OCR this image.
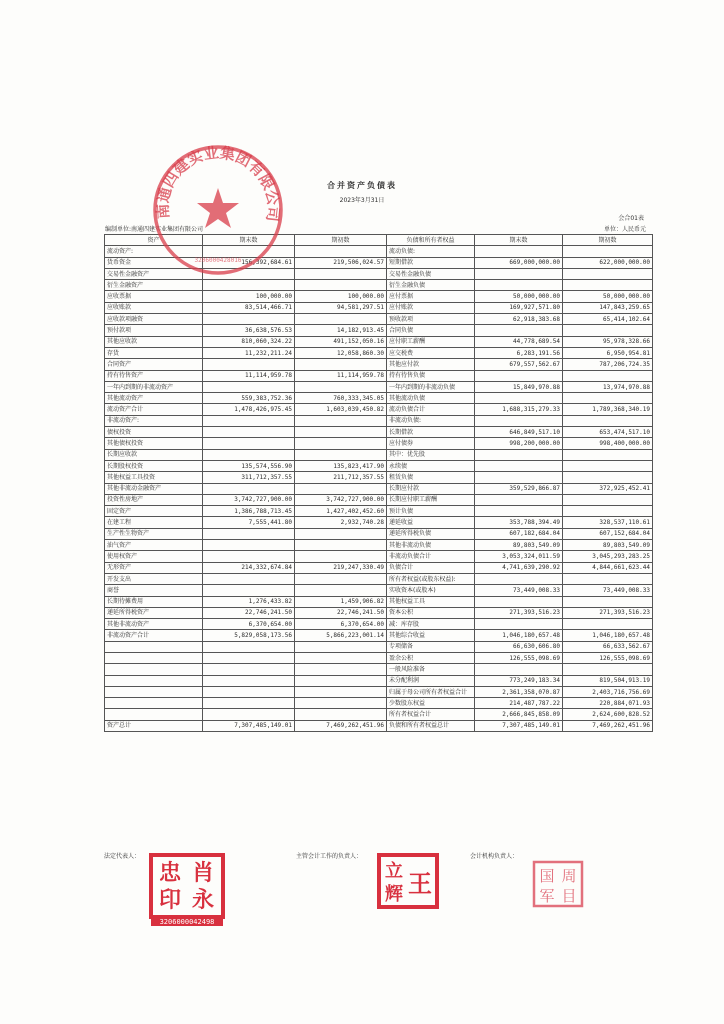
合并资产负债表
2023年3月31日
会合01表
编制单位:南通四建实业集团有限公司	单位：人民币元
资产	期末数	期初数	负债和所有者权益	期末数	期初数
流动资产:			流动负债:		
货币资金	156,392,684.61	219,506,024.57	短期借款	669,000,000.00	622,000,000.00
交易性金融资产			交易性金融负债		
衍生金融资产			衍生金融负债		
应收票据	100,000.00	100,000.00	应付票据	50,000,000.00	50,000,000.00
应收账款	83,514,466.71	94,581,297.51	应付账款	169,927,571.80	147,843,259.65
应收款项融资			预收款项	62,918,383.68	65,414,102.64
预付款项	36,638,576.53	14,182,913.45	合同负债		
其他应收款	810,060,324.22	491,152,050.16	应付职工薪酬	44,778,689.54	95,978,328.66
存货	11,232,211.24	12,058,860.30	应交税费	6,283,191.56	6,950,954.81
合同资产			其他应付款	679,557,562.67	787,206,724.35
持有待售资产	11,114,959.78	11,114,959.78	持有待售负债		
一年内到期的非流动资产			一年内到期的非流动负债	15,849,970.88	13,974,970.88
其他流动资产	559,383,752.36	760,333,345.05	其他流动负债		
流动资产合计	1,478,426,975.45	1,603,039,450.82	流动负债合计	1,688,315,279.33	1,789,368,340.19
非流动资产:			非流动负债:		
债权投资			长期借款	646,849,517.10	653,474,517.10
其他债权投资			应付债券	998,200,000.00	998,400,000.00
长期应收款			其中：优先股		
长期股权投资	135,574,556.90	135,823,417.90	永续债		
其他权益工具投资	311,712,357.55	211,712,357.55	租赁负债		
其他非流动金融资产			长期应付款	359,529,866.87	372,925,452.41
投资性房地产	3,742,727,900.00	3,742,727,900.00	长期应付职工薪酬		
固定资产	1,386,788,713.45	1,427,402,452.60	预计负债		
在建工程	7,555,441.80	2,932,740.28	递延收益	353,788,394.49	328,537,110.61
生产性生物资产			递延所得税负债	607,182,684.04	607,152,684.04
油气资产			其他非流动负债	89,803,549.09	89,803,549.09
使用权资产			非流动负债合计	3,053,324,011.59	3,045,293,283.25
无形资产	214,332,674.84	219,247,330.49	负债合计	4,741,639,290.92	4,844,661,623.44
开发支出			所有者权益(或股东权益):		
商誉			实收资本(或股本)	73,449,008.33	73,449,008.33
长期待摊费用	1,276,433.82	1,459,906.82	其他权益工具		
递延所得税资产	22,746,241.50	22,746,241.50	资本公积	271,393,516.23	271,393,516.23
其他非流动资产	6,370,654.00	6,370,654.00	减：库存股		
非流动资产合计	5,829,058,173.56	5,866,223,001.14	其他综合收益	1,046,180,657.48	1,046,180,657.48
			专项储备	66,630,606.80	66,633,562.67
			盈余公积	126,555,098.69	126,555,098.69
			一般风险准备		
			未分配利润	773,249,183.34	819,504,913.19
			归属于母公司所有者权益合计	2,361,358,070.87	2,403,716,756.69
			少数股东权益	214,487,787.22	220,884,071.93
			所有者权益合计	2,666,845,858.09	2,624,600,828.52
资产总计	7,307,485,149.01	7,469,262,451.96	负债和所有者权益总计	7,307,485,149.01	7,469,262,451.96
法定代表人：	主管会计工作的负责人：	会计机构负责人：
南通四建实业集团有限公司
3206000428016
忠 肖
印 永
3206000042498
立 王
辉
国 周
军 目
